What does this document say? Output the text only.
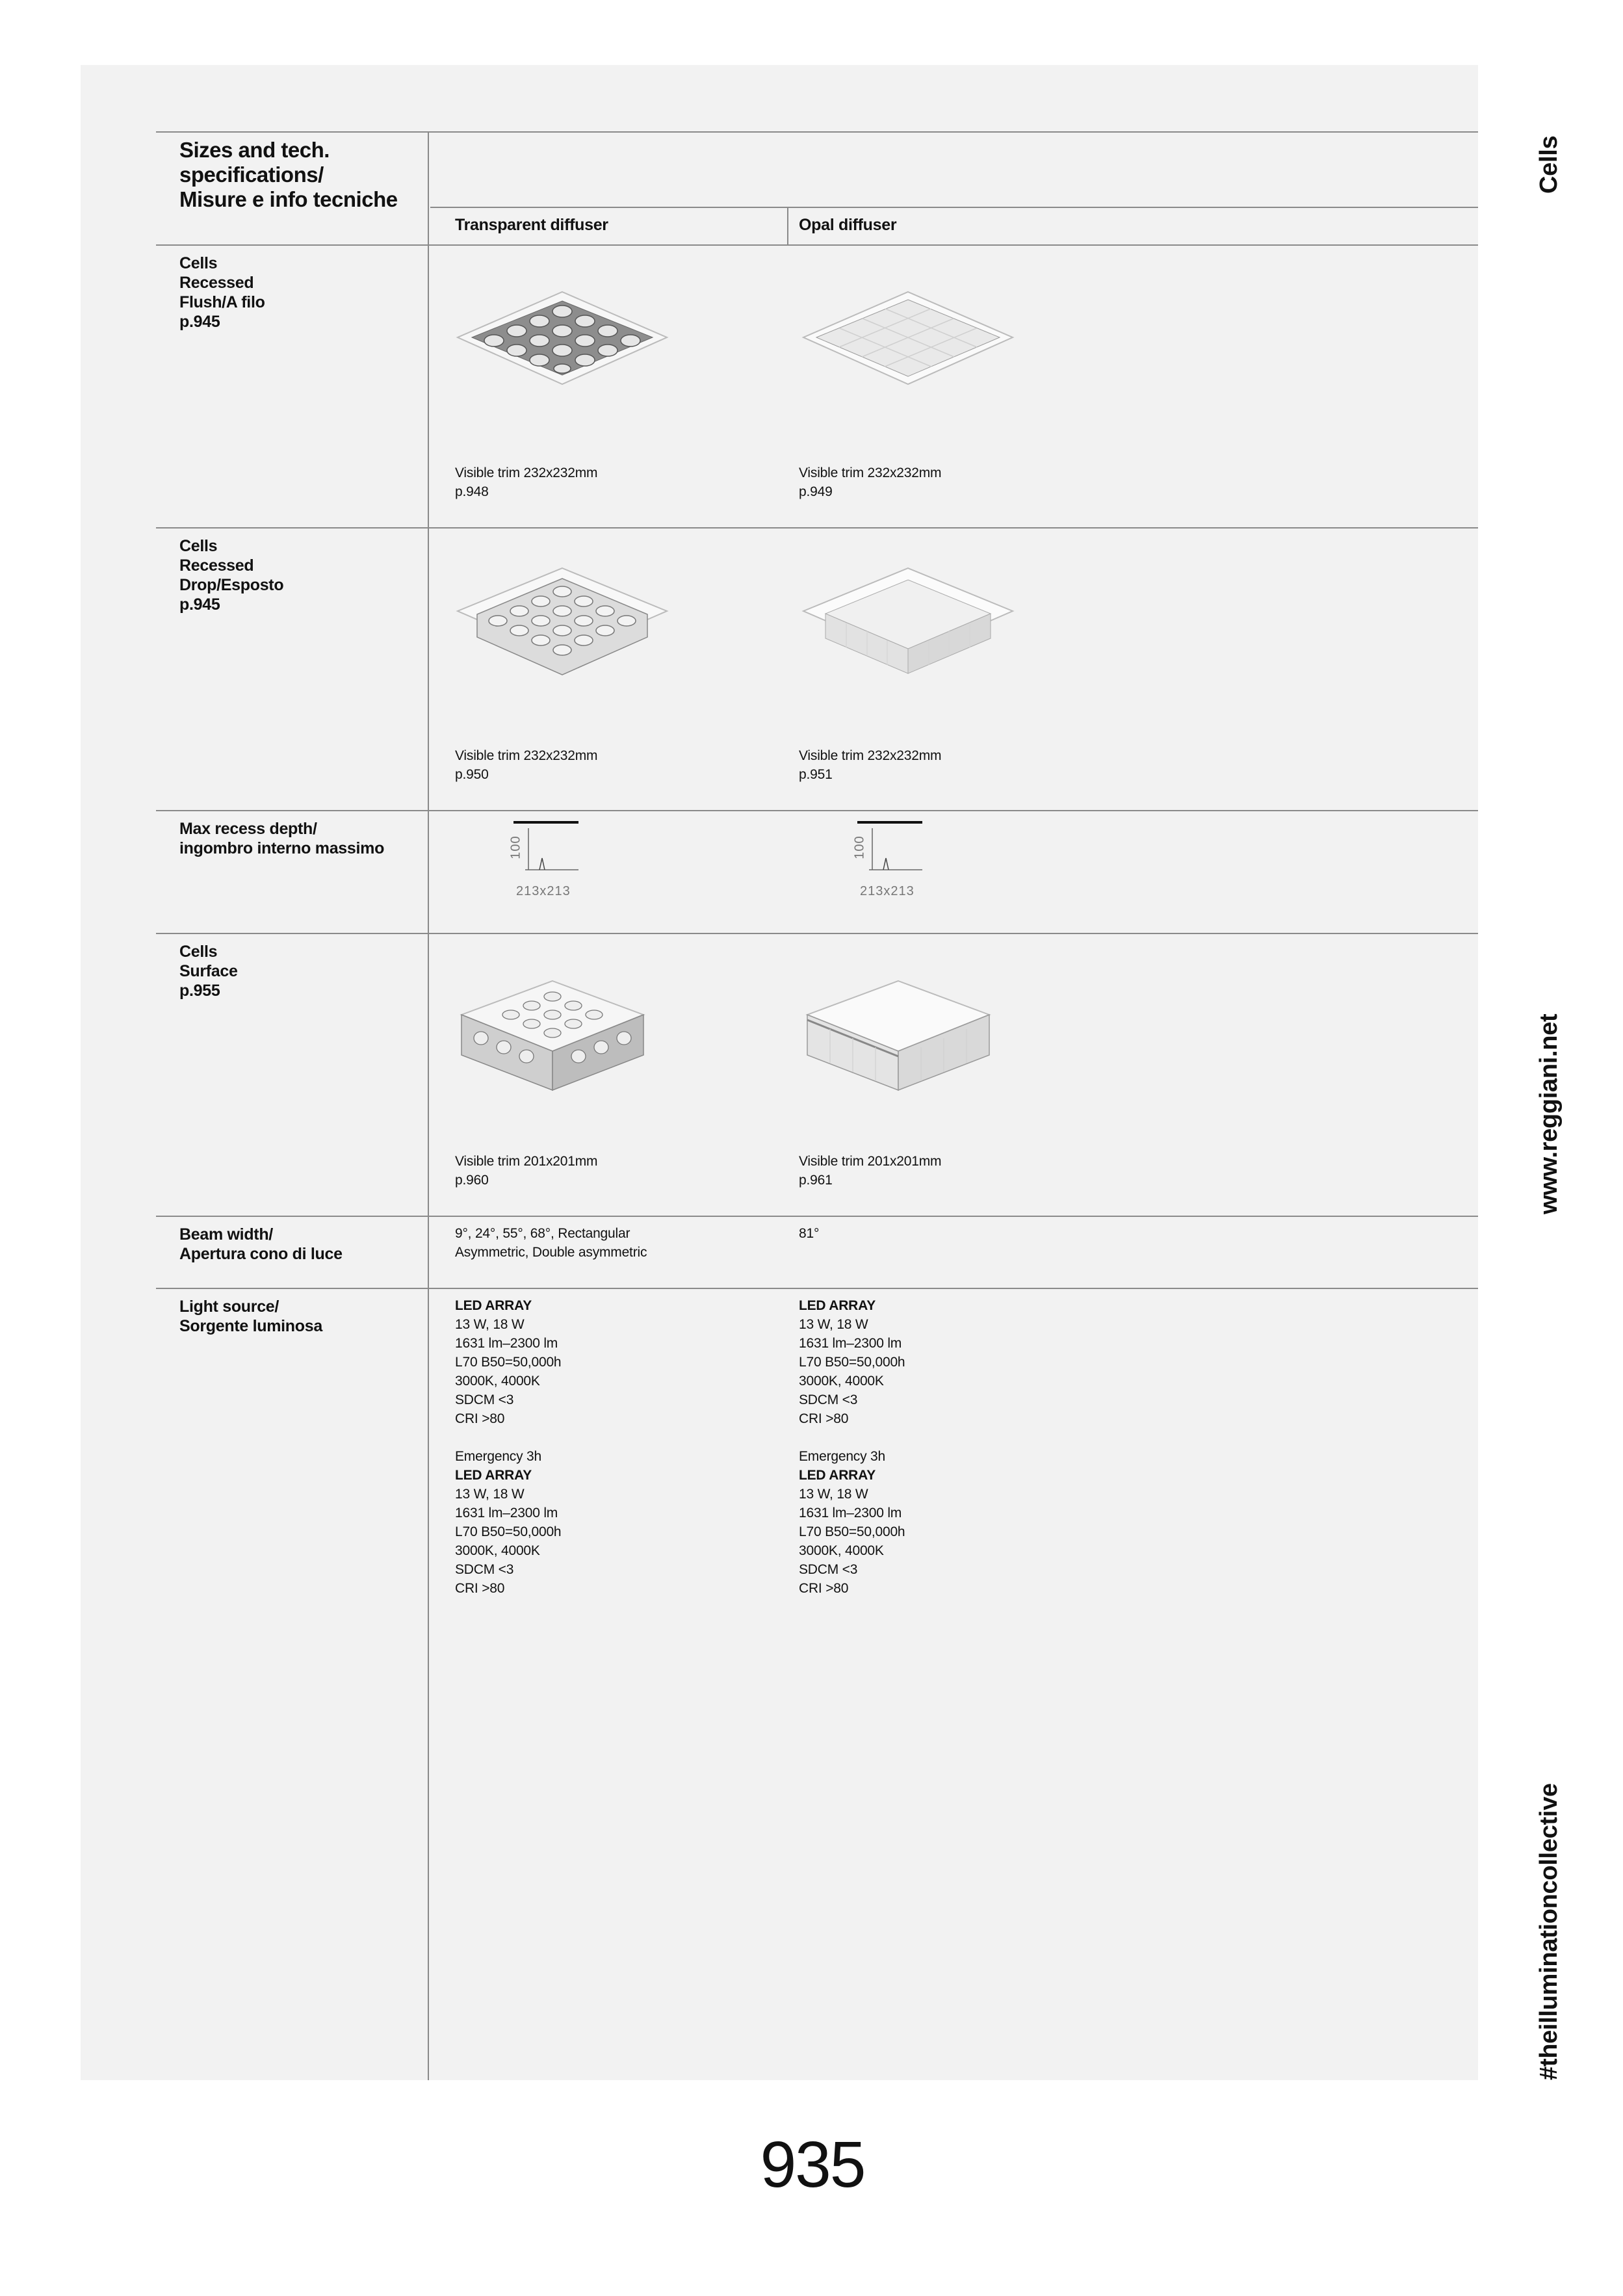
Sizes and tech.
specifications/
Misure e info tecniche
Transparent diffuser	Opal diffuser
Cells
Recessed
Flush/A filo
p.945
Visible trim 232x232mm
p.948
Visible trim 232x232mm
p.949
Cells
Recessed
Drop/Esposto
p.945
Visible trim 232x232mm
p.950
Visible trim 232x232mm
p.951
Max recess depth/
ingombro interno massimo	100
213x213
100
213x213
Cells
Surface
p.955
Visible trim 201x201mm
p.960
Visible trim 201x201mm
p.961
Beam width/
Apertura cono di luce
9°, 24°, 55°, 68°, Rectangular
Asymmetric, Double asymmetric
81°
Light source/
Sorgente luminosa
LED ARRAY
13 W, 18 W
1631 lm–2300 lm
L70 B50=50,000h
3000K, 4000K
SDCM <3
CRI >80
Emergency 3h
LED ARRAY
13 W, 18 W
1631 lm–2300 lm
L70 B50=50,000h
3000K, 4000K
SDCM <3
CRI >80
LED ARRAY
13 W, 18 W
1631 lm–2300 lm
L70 B50=50,000h
3000K, 4000K
SDCM <3
CRI >80
Emergency 3h
LED ARRAY
13 W, 18 W
1631 lm–2300 lm
L70 B50=50,000h
3000K, 4000K
SDCM <3
CRI >80
Cells
www.reggiani.net
#theilluminationcollective
935
